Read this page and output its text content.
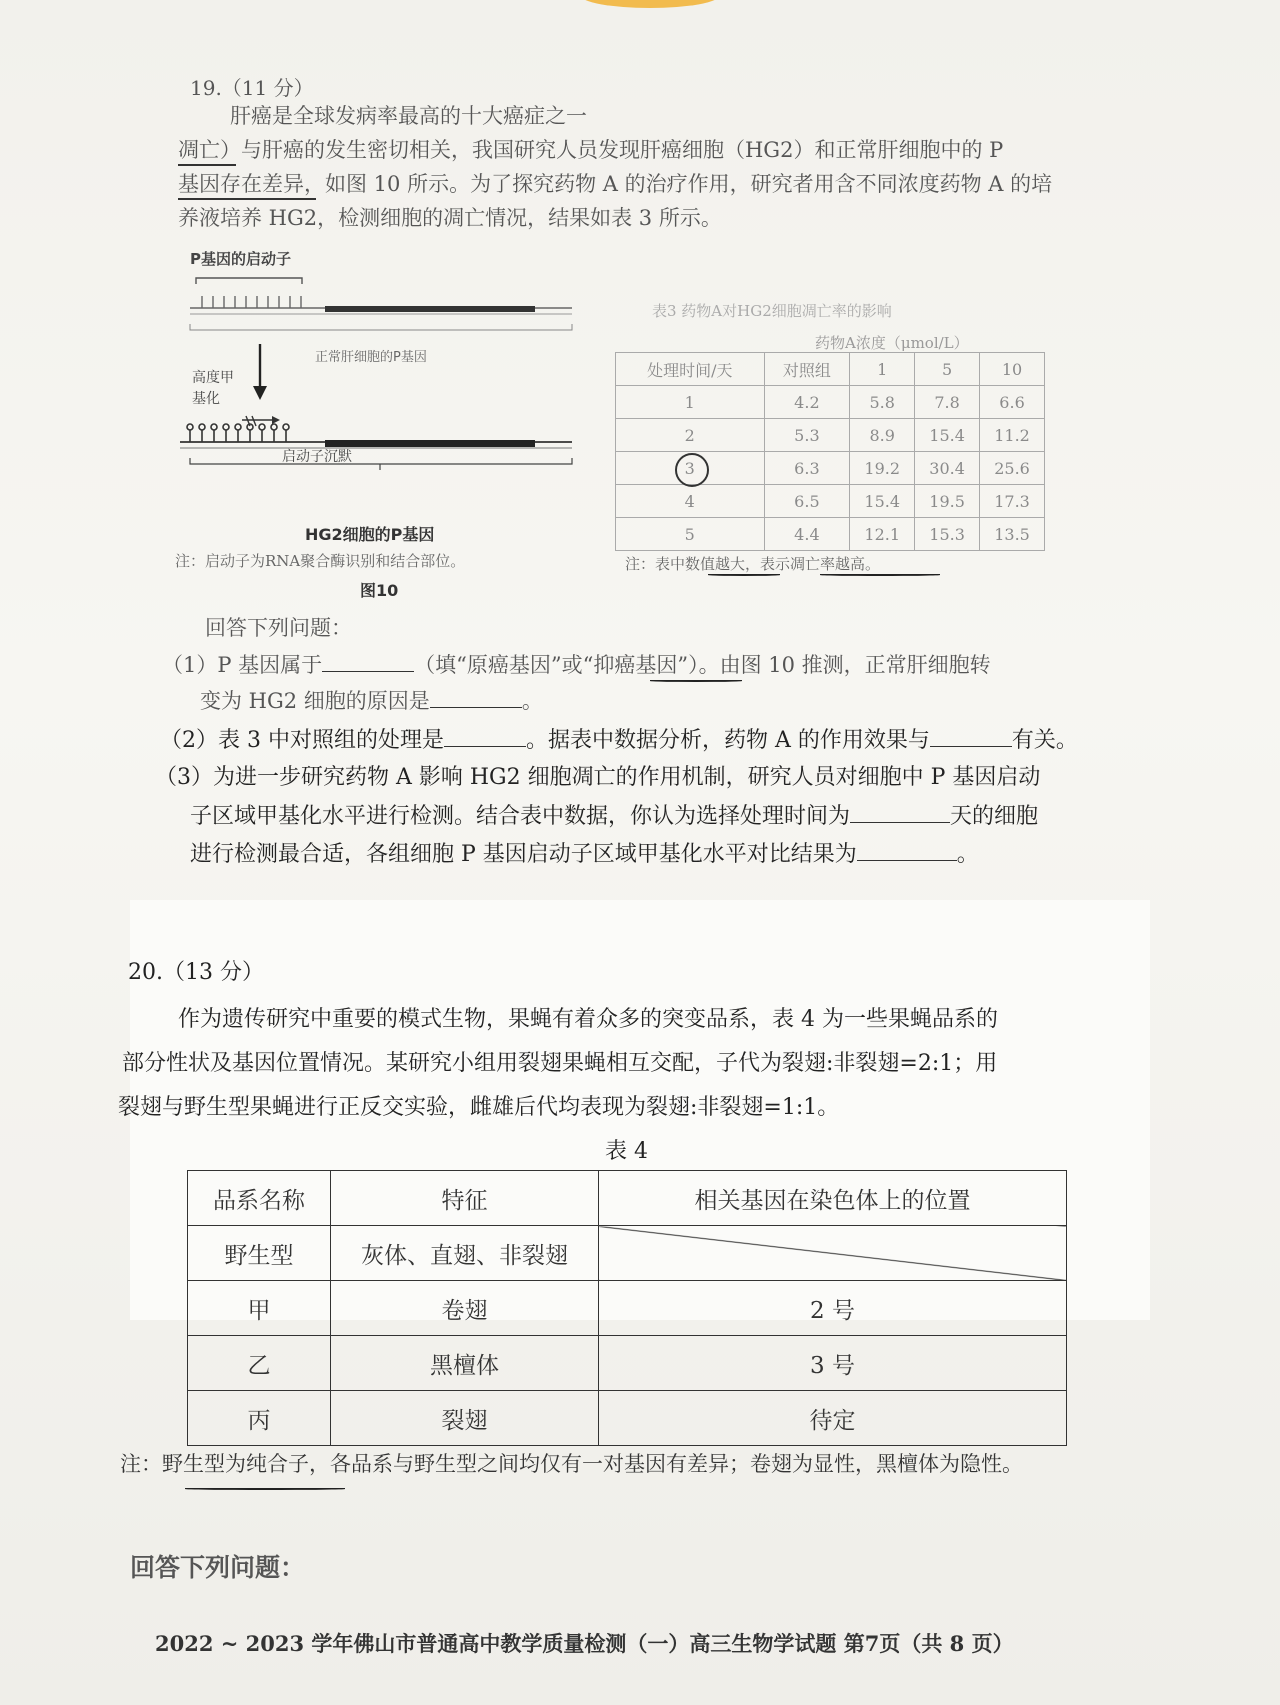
19.（11 分）
肝癌是全球发病率最高的十大癌症之一
凋亡）与肝癌的发生密切相关，我国研究人员发现肝癌细胞（HG2）和正常肝细胞中的 P
基因存在差异，如图 10 所示。为了探究药物 A 的治疗作用，研究者用含不同浓度药物 A 的培
养液培养 HG2，检测细胞的凋亡情况，结果如表 3 所示。
P基因的启动子
正常肝细胞的P基因
高度甲基化
启动子沉默
HG2细胞的P基因
注：启动子为RNA聚合酶识别和结合部位。
图10
表3 药物A对HG2细胞凋亡率的影响
药物A浓度（μmol/L）
处理时间/天	对照组	1	5	10
1	4.2	5.8	7.8	6.6
2	5.3	8.9	15.4	11.2
3	6.3	19.2	30.4	25.6
4	6.5	15.4	19.5	17.3
5	4.4	12.1	15.3	13.5
注：表中数值越大，表示凋亡率越高。
回答下列问题：
（1）P 基因属于	（填“原癌基因”或“抑癌基因”）。由图 10 推测，正常肝细胞转
变为 HG2 细胞的原因是	。
（2）表 3 中对照组的处理是	。据表中数据分析，药物 A 的作用效果与	有关。
（3）为进一步研究药物 A 影响 HG2 细胞凋亡的作用机制，研究人员对细胞中 P 基因启动
子区域甲基化水平进行检测。结合表中数据，你认为选择处理时间为	天的细胞
进行检测最合适，各组细胞 P 基因启动子区域甲基化水平对比结果为	。
20.（13 分）
作为遗传研究中重要的模式生物，果蝇有着众多的突变品系，表 4 为一些果蝇品系的
部分性状及基因位置情况。某研究小组用裂翅果蝇相互交配，子代为裂翅:非裂翅=2:1；用
裂翅与野生型果蝇进行正反交实验，雌雄后代均表现为裂翅:非裂翅=1:1。
表 4
品系名称	特征	相关基因在染色体上的位置
野生型	灰体、直翅、非裂翅	
甲	卷翅	2 号
乙	黑檀体	3 号
丙	裂翅	待定
注：野生型为纯合子，各品系与野生型之间均仅有一对基因有差异；卷翅为显性，黑檀体为隐性。
回答下列问题：
2022 ~ 2023 学年佛山市普通高中教学质量检测（一）高三生物学试题 第7页（共 8 页）
